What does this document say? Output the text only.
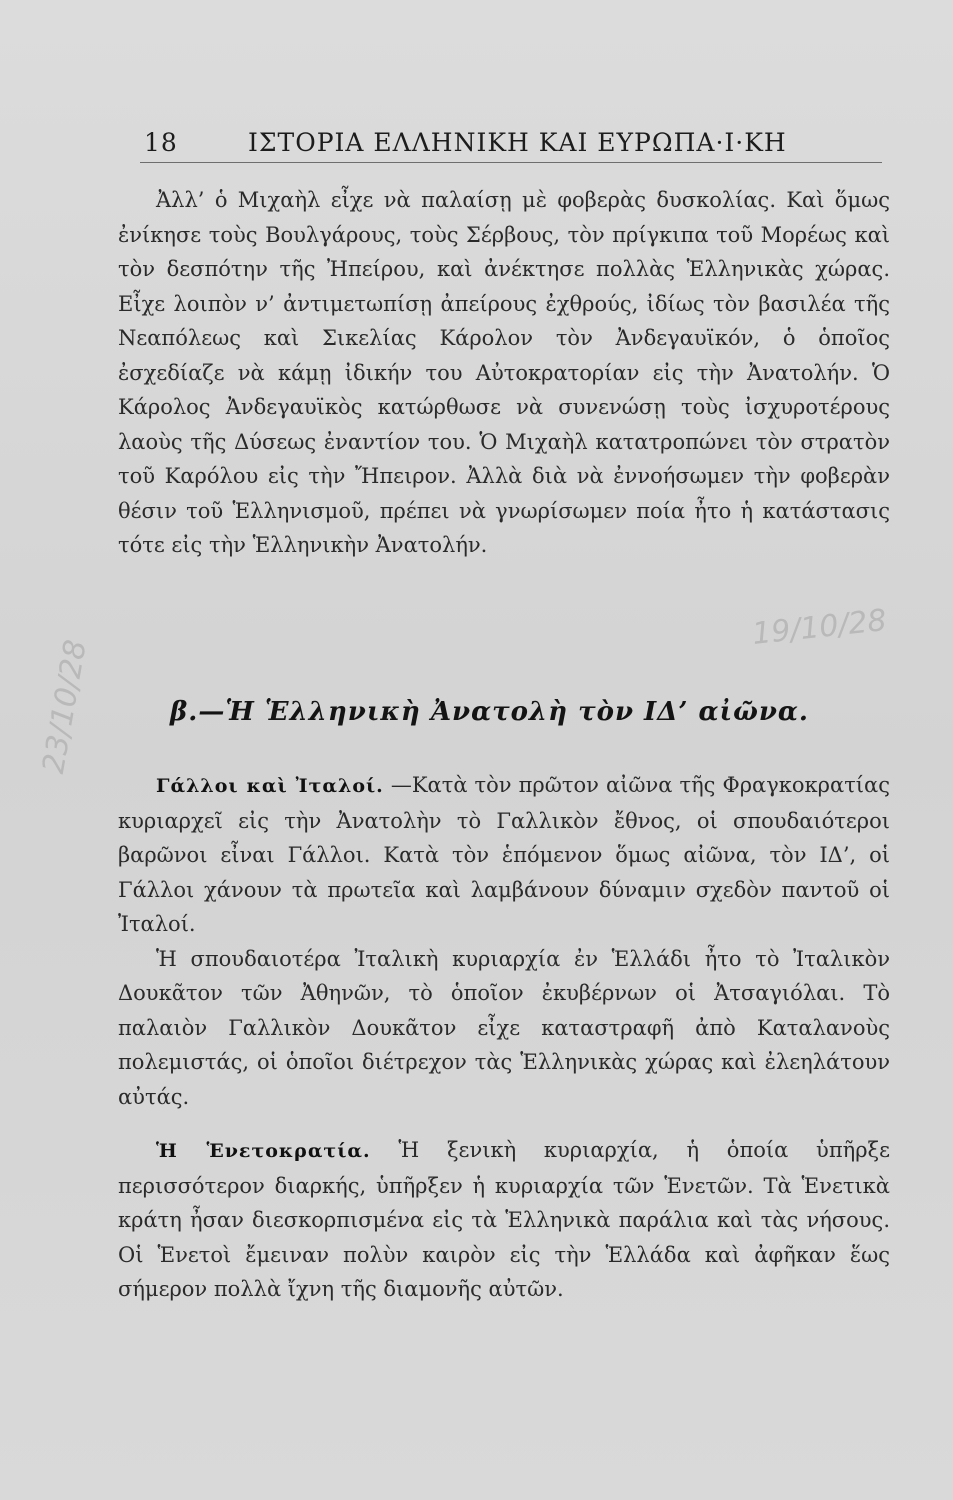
18	ΙΣΤΟΡΙΑ ΕΛΛΗΝΙΚΗ ΚΑΙ ΕΥΡΩΠΑ·Ι·ΚΗ

Ἀλλ’ ὁ Μιχαὴλ εἶχε νὰ παλαίσῃ μὲ φοβερὰς δυσκολίας. Καὶ ὅμως ἐνίκησε τοὺς Βουλγάρους, τοὺς Σέρβους, τὸν πρίγκιπα τοῦ Μορέως καὶ τὸν δεσπότην τῆς Ἠπείρου, καὶ ἀνέκτησε πολλὰς Ἑλληνικὰς χώρας. Εἶχε λοιπὸν ν’ ἀντιμετωπίσῃ ἀπείρους ἐχθρούς, ἰδίως τὸν βασιλέα τῆς Νεαπόλεως καὶ Σικελίας Κάρολον τὸν Ἀνδεγαυϊκόν, ὁ ὁποῖος ἐσχεδίαζε νὰ κάμῃ ἰδικήν του Αὐτοκρατορίαν εἰς τὴν Ἀνατολήν. Ὁ Κάρολος Ἀνδεγαυϊκὸς κατώρθωσε νὰ συνενώσῃ τοὺς ἰσχυροτέρους λαοὺς τῆς Δύσεως ἐναντίον του. Ὁ Μιχαὴλ κατατροπώνει τὸν στρατὸν τοῦ Καρόλου εἰς τὴν Ἤπειρον. Ἀλλὰ διὰ νὰ ἐννοήσωμεν τὴν φοβερὰν θέσιν τοῦ Ἑλληνισμοῦ, πρέπει νὰ γνωρίσωμεν ποία ἦτο ἡ κατάστασις τότε εἰς τὴν Ἑλληνικὴν Ἀνατολήν.

19/10/28
β.—Ἡ Ἑλληνικὴ Ἀνατολὴ τὸν ΙΔ’ αἰῶνα.
23/10/28

Γάλλοι καὶ Ἰταλοί. —Κατὰ τὸν πρῶτον αἰῶνα τῆς Φραγκοκρατίας κυριαρχεῖ εἰς τὴν Ἀνατολὴν τὸ Γαλλικὸν ἔθνος, οἱ σπουδαιότεροι βαρῶνοι εἶναι Γάλλοι. Κατὰ τὸν ἑπόμενον ὅμως αἰῶνα, τὸν ΙΔ’, οἱ Γάλλοι χάνουν τὰ πρωτεῖα καὶ λαμβάνουν δύναμιν σχεδὸν παντοῦ οἱ Ἰταλοί.

Ἡ σπουδαιοτέρα Ἰταλικὴ κυριαρχία ἐν Ἑλλάδι ἦτο τὸ Ἰταλικὸν Δουκᾶτον τῶν Ἀθηνῶν, τὸ ὁποῖον ἐκυβέρνων οἱ Ἀτσαγιόλαι. Τὸ παλαιὸν Γαλλικὸν Δουκᾶτον εἶχε καταστραφῆ ἀπὸ Καταλανοὺς πολεμιστάς, οἱ ὁποῖοι διέτρεχον τὰς Ἑλληνικὰς χώρας καὶ ἐλεηλάτουν αὐτάς.

Ἡ Ἑνετοκρατία. Ἡ ξενικὴ κυριαρχία, ἡ ὁποία ὑπῆρξε περισσότερον διαρκής, ὑπῆρξεν ἡ κυριαρχία τῶν Ἑνετῶν. Τὰ Ἑνετικὰ κράτη ἦσαν διεσκορπισμένα εἰς τὰ Ἑλληνικὰ παράλια καὶ τὰς νήσους. Οἱ Ἑνετοὶ ἔμειναν πολὺν καιρὸν εἰς τὴν Ἑλλάδα καὶ ἀφῆκαν ἕως σήμερον πολλὰ ἴχνη τῆς διαμονῆς αὐτῶν.
